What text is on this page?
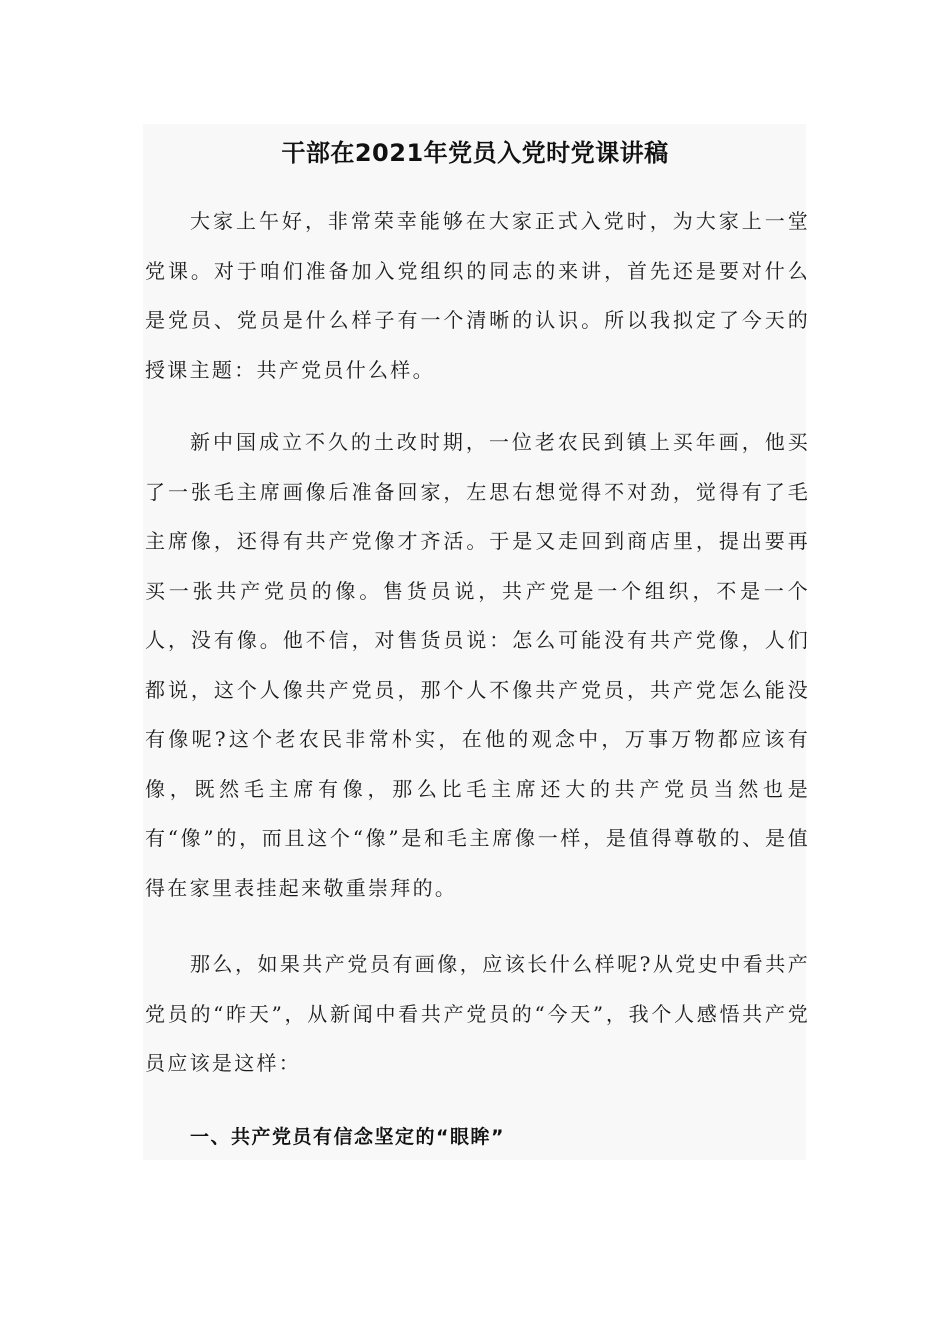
干部在2021年党员入党时党课讲稿

大家上午好，非常荣幸能够在大家正式入党时，为大家上一堂党课。对于咱们准备加入党组织的同志的来讲，首先还是要对什么是党员、党员是什么样子有一个清晰的认识。所以我拟定了今天的授课主题：共产党员什么样。

新中国成立不久的土改时期，一位老农民到镇上买年画，他买了一张毛主席画像后准备回家，左思右想觉得不对劲，觉得有了毛主席像，还得有共产党像才齐活。于是又走回到商店里，提出要再买一张共产党员的像。售货员说，共产党是一个组织，不是一个人，没有像。他不信，对售货员说：怎么可能没有共产党像，人们都说，这个人像共产党员，那个人不像共产党员，共产党怎么能没有像呢?这个老农民非常朴实，在他的观念中，万事万物都应该有像，既然毛主席有像，那么比毛主席还大的共产党员当然也是有“像”的，而且这个“像”是和毛主席像一样，是值得尊敬的、是值得在家里表挂起来敬重崇拜的。

那么，如果共产党员有画像，应该长什么样呢?从党史中看共产党员的“昨天”，从新闻中看共产党员的“今天”，我个人感悟共产党员应该是这样：

一、共产党员有信念坚定的“眼眸”
